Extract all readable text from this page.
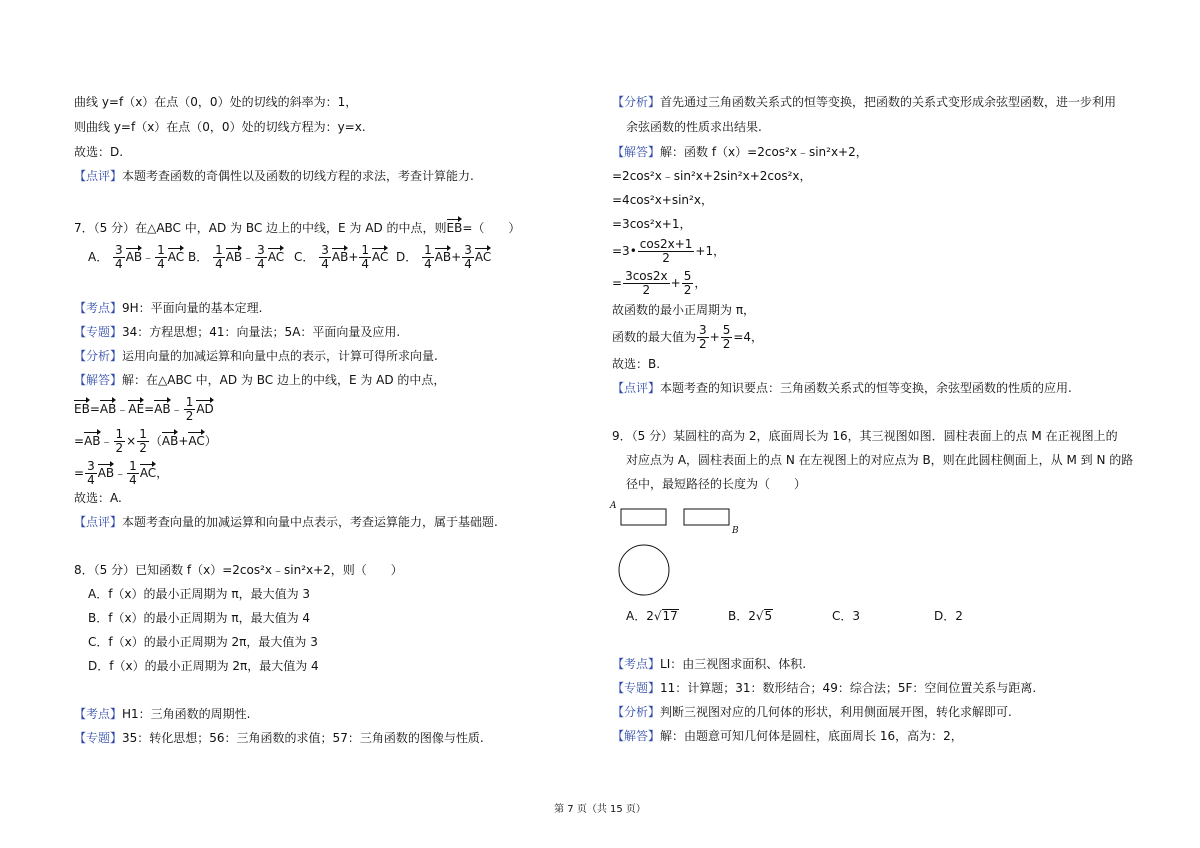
曲线 y=f（x）在点（0，0）处的切线的斜率为：1，
则曲线 y=f（x）在点（0，0）处的切线方程为：y=x.
故选：D.
【点评】本题考查函数的奇偶性以及函数的切线方程的求法，考查计算能力.
7．（5 分）在△ABC 中，AD 为 BC 边上的中线，E 为 AD 的中点，则EB=（　　）
A． $\frac{3}{4}$ AB﹣ $\frac{1}{4}$ AC B． $\frac{1}{4}$ AB﹣ $\frac{3}{4}$ AC C． $\frac{3}{4} AB+ \frac{1}{4}$ AC D． $\frac{1}{4} AB+ \frac{3}{4}$ AC
【考点】9H：平面向量的基本定理.
【专题】34：方程思想；41：向量法；5A：平面向量及应用.
【分析】运用向量的加减运算和向量中点的表示，计算可得所求向量.
【解答】解：在△ABC 中，AD 为 BC 边上的中线，E 为 AD 的中点，
EB=AB﹣AE=AB﹣ $\frac{1}{2}$ AD
=AB﹣ $\frac{1}{2} \times \frac{1}{2} (AB+AC)$
= $\frac{3}{4}$ AB﹣ $\frac{1}{4}$ AC，
故选：A.
【点评】本题考查向量的加减运算和向量中点表示，考查运算能力，属于基础题.
8．（5 分）已知函数 f（x）=2cos²x﹣sin²x+2，则（　　）
A．f（x）的最小正周期为 π，最大值为 3
B．f（x）的最小正周期为 π，最大值为 4
C．f（x）的最小正周期为 2π，最大值为 3
D．f（x）的最小正周期为 2π，最大值为 4
【考点】H1：三角函数的周期性.
【专题】35：转化思想；56：三角函数的求值；57：三角函数的图像与性质.
【分析】首先通过三角函数关系式的恒等变换，把函数的关系式变形成余弦型函数，进一步利用
余弦函数的性质求出结果.
【解答】解：函数 f（x）=2cos²x﹣sin²x+2，
=2cos²x﹣sin²x+2sin²x+2cos²x，
=4cos²x+sin²x，
=3cos²x+1，
=3• $\frac{\cos 2x+1}{2} +1$，
= $\frac{3\cos 2x}{2} + \frac{5}{2}$ ，
故函数的最小正周期为 π，
函数的最大值为 $\frac{3}{2} + \frac{5}{2} =4$，
故选：B.
【点评】本题考查的知识要点：三角函数关系式的恒等变换，余弦型函数的性质的应用.
9．（5 分）某圆柱的高为 2，底面周长为 16，其三视图如图．圆柱表面上的点 M 在正视图上的
对应点为 A，圆柱表面上的点 N 在左视图上的对应点为 B，则在此圆柱侧面上，从 M 到 N 的路
径中，最短路径的长度为（　　）
A
B
A．2√17	B．2√5	C．3	D．2
【考点】LI：由三视图求面积、体积.
【专题】11：计算题；31：数形结合；49：综合法；5F：空间位置关系与距离.
【分析】判断三视图对应的几何体的形状，利用侧面展开图，转化求解即可.
【解答】解：由题意可知几何体是圆柱，底面周长 16，高为：2，
第 7 页（共 15 页）
